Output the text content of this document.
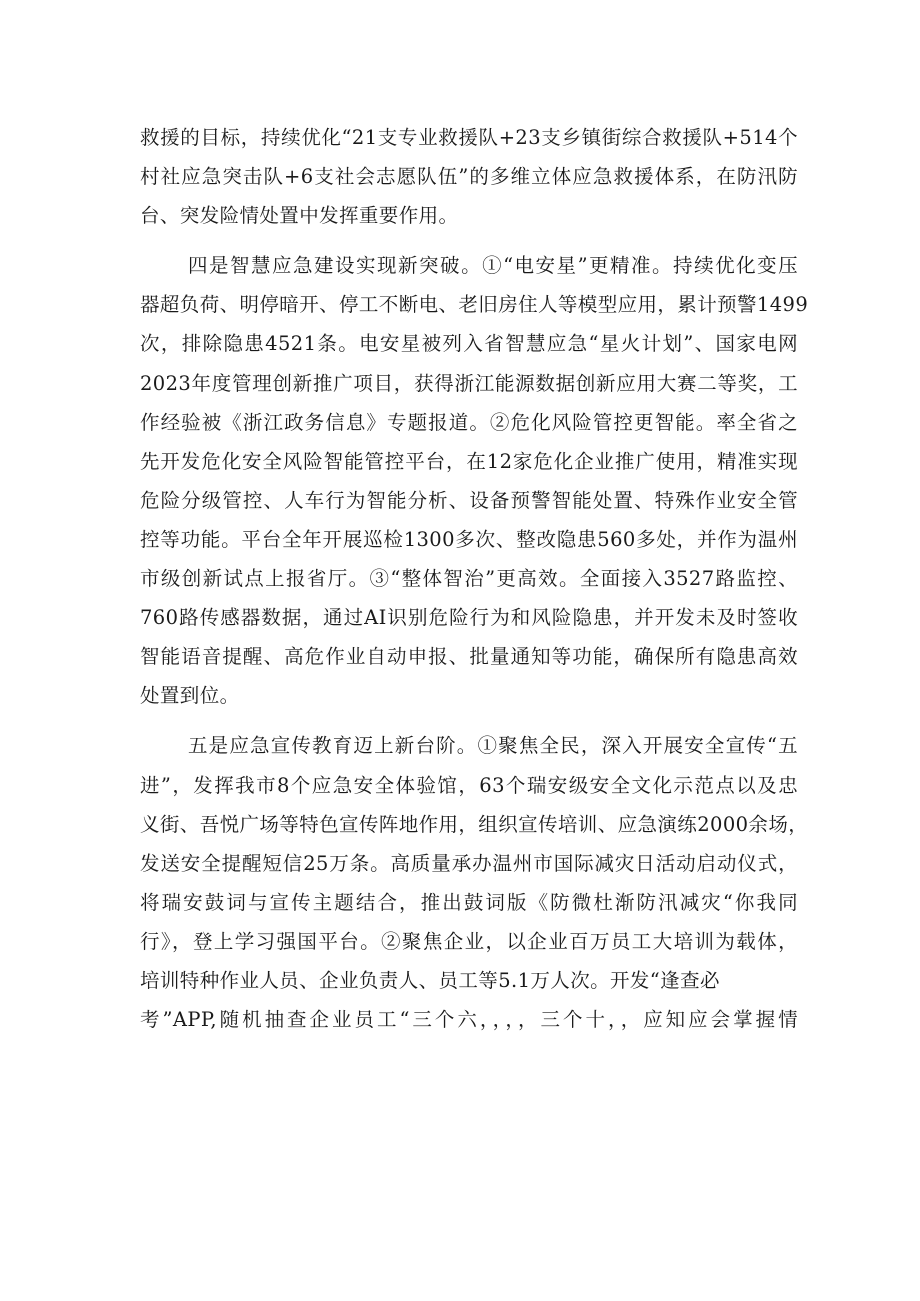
救援的目标，持续优化“21支专业救援队+23支乡镇街综合救援队+514个
村社应急突击队+6支社会志愿队伍”的多维立体应急救援体系，在防汛防
台、突发险情处置中发挥重要作用。
四是智慧应急建设实现新突破。①“电安星”更精准。持续优化变压
器超负荷、明停暗开、停工不断电、老旧房住人等模型应用，累计预警1499
次，排除隐患4521条。电安星被列入省智慧应急“星火计划”、国家电网
2023年度管理创新推广项目，获得浙江能源数据创新应用大赛二等奖，工
作经验被《浙江政务信息》专题报道。②危化风险管控更智能。率全省之
先开发危化安全风险智能管控平台，在12家危化企业推广使用，精准实现
危险分级管控、人车行为智能分析、设备预警智能处置、特殊作业安全管
控等功能。平台全年开展巡检1300多次、整改隐患560多处，并作为温州
市级创新试点上报省厅。③“整体智治”更高效。全面接入3527路监控、
760路传感器数据，通过AI识别危险行为和风险隐患，并开发未及时签收
智能语音提醒、高危作业自动申报、批量通知等功能，确保所有隐患高效
处置到位。
五是应急宣传教育迈上新台阶。①聚焦全民，深入开展安全宣传“五
进”，发挥我市8个应急安全体验馆，63个瑞安级安全文化示范点以及忠
义街、吾悦广场等特色宣传阵地作用，组织宣传培训、应急演练2000余场，
发送安全提醒短信25万条。高质量承办温州市国际减灾日活动启动仪式，
将瑞安鼓词与宣传主题结合，推出鼓词版《防微杜渐防汛减灾“你我同
行》，登上学习强国平台。②聚焦企业，以企业百万员工大培训为载体，
培训特种作业人员、企业负责人、员工等5.1万人次。开发“逢查必
考”APP,随机抽查企业员工“三个六，，，，三个十，，应知应会掌握情
